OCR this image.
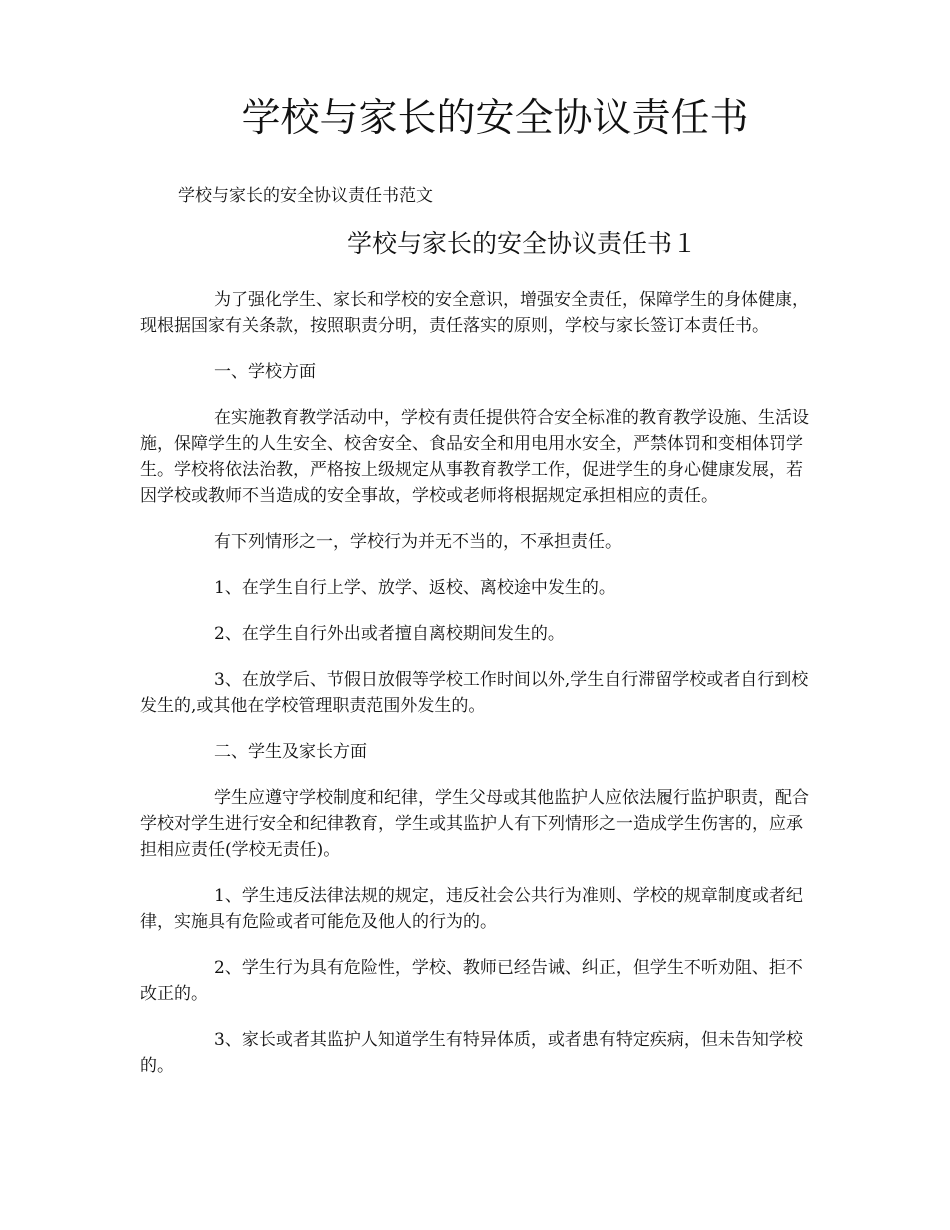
学校与家长的安全协议责任书

学校与家长的安全协议责任书范文

学校与家长的安全协议责任书１

为了强化学生、家长和学校的安全意识，增强安全责任，保障学生的身体健康，现根据国家有关条款，按照职责分明，责任落实的原则，学校与家长签订本责任书。

一、学校方面

在实施教育教学活动中，学校有责任提供符合安全标准的教育教学设施、生活设施，保障学生的人生安全、校舍安全、食品安全和用电用水安全，严禁体罚和变相体罚学生。学校将依法治教，严格按上级规定从事教育教学工作，促进学生的身心健康发展，若因学校或教师不当造成的安全事故，学校或老师将根据规定承担相应的责任。

有下列情形之一，学校行为并无不当的，不承担责任。

1、在学生自行上学、放学、返校、离校途中发生的。

2、在学生自行外出或者擅自离校期间发生的。

3、在放学后、节假日放假等学校工作时间以外,学生自行滞留学校或者自行到校发生的,或其他在学校管理职责范围外发生的。

二、学生及家长方面

学生应遵守学校制度和纪律，学生父母或其他监护人应依法履行监护职责，配合学校对学生进行安全和纪律教育，学生或其监护人有下列情形之一造成学生伤害的，应承担相应责任(学校无责任)。

1、学生违反法律法规的规定，违反社会公共行为准则、学校的规章制度或者纪律，实施具有危险或者可能危及他人的行为的。

2、学生行为具有危险性，学校、教师已经告诫、纠正，但学生不听劝阻、拒不改正的。

3、家长或者其监护人知道学生有特异体质，或者患有特定疾病，但未告知学校的。
